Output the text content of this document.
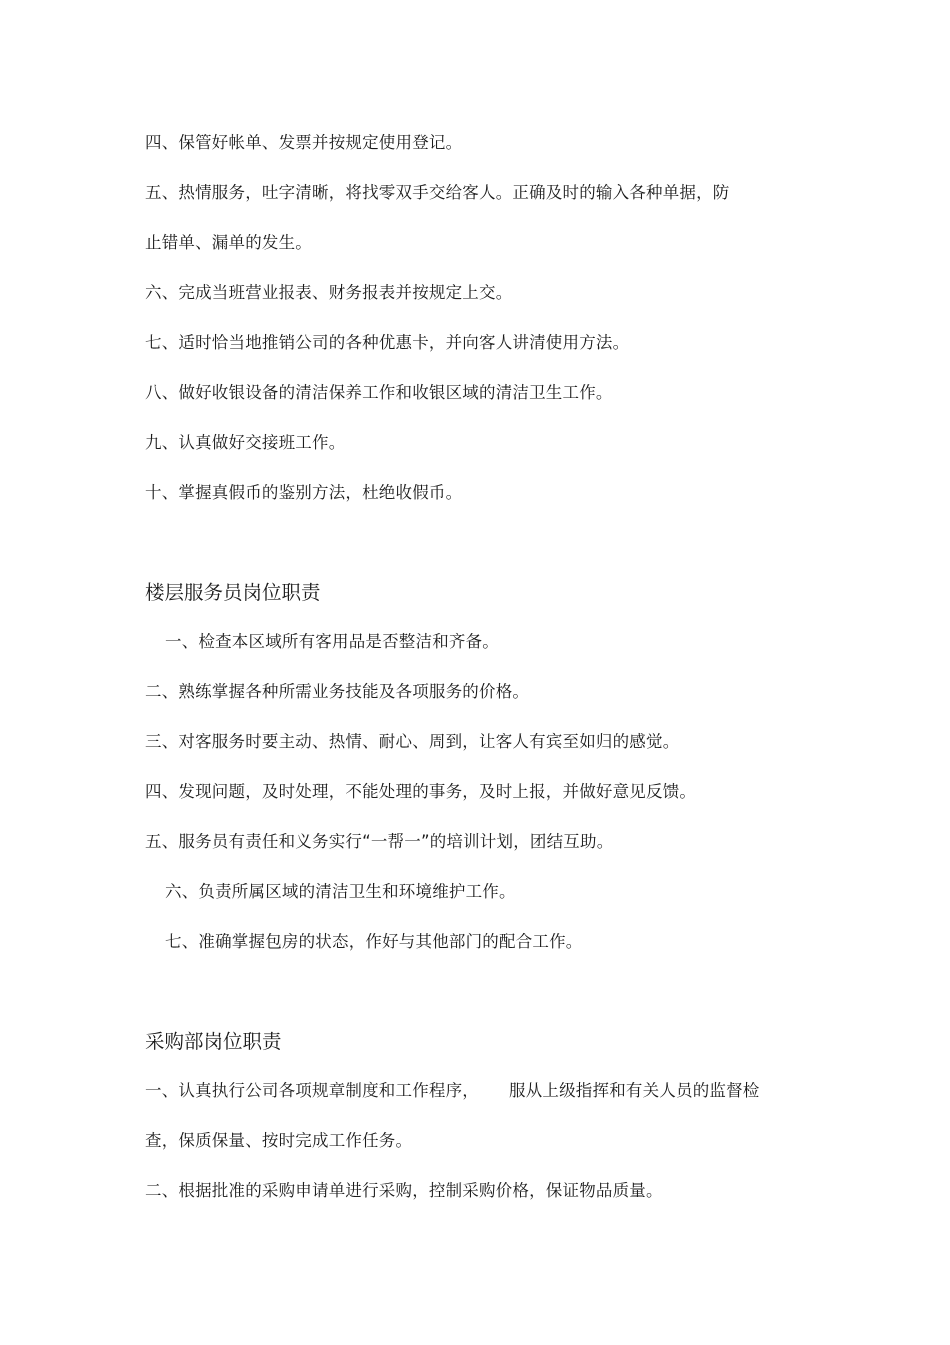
四、保管好帐单、发票并按规定使用登记。
五、热情服务，吐字清晰，将找零双手交给客人。正确及时的输入各种单据，防
止错单、漏单的发生。
六、完成当班营业报表、财务报表并按规定上交。
七、适时恰当地推销公司的各种优惠卡，并向客人讲清使用方法。
八、做好收银设备的清洁保养工作和收银区域的清洁卫生工作。
九、认真做好交接班工作。
十、掌握真假币的鉴别方法，杜绝收假币。
楼层服务员岗位职责
一、检查本区域所有客用品是否整洁和齐备。
二、熟练掌握各种所需业务技能及各项服务的价格。
三、对客服务时要主动、热情、耐心、周到，让客人有宾至如归的感觉。
四、发现问题，及时处理，不能处理的事务，及时上报，并做好意见反馈。
五、服务员有责任和义务实行“一帮一”的培训计划，团结互助。
六、负责所属区域的清洁卫生和环境维护工作。
七、准确掌握包房的状态，作好与其他部门的配合工作。
采购部岗位职责
一、认真执行公司各项规章制度和工作程序， 服从上级指挥和有关人员的监督检
查，保质保量、按时完成工作任务。
二、根据批准的采购申请单进行采购，控制采购价格，保证物品质量。
